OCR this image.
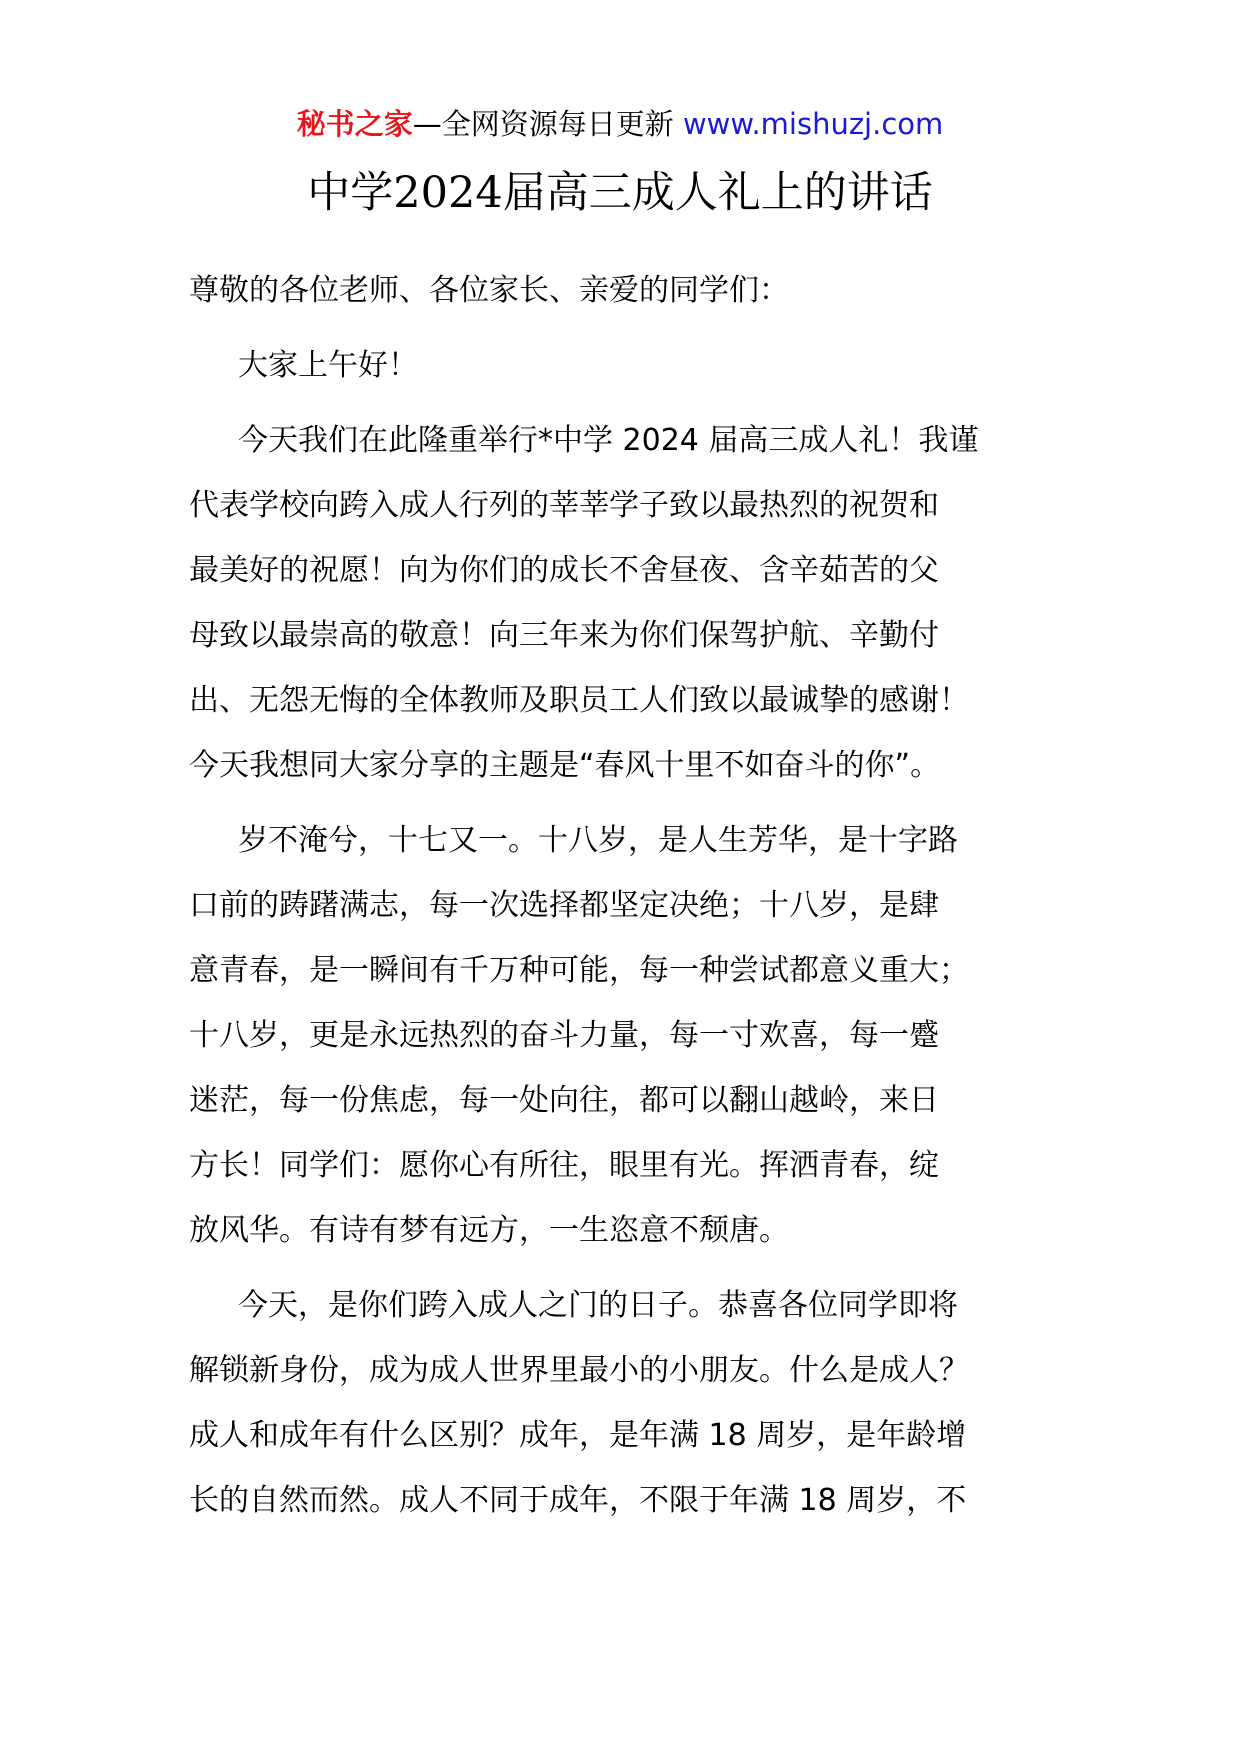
秘书之家—全网资源每日更新 www.mishuzj.com
中学2024届高三成人礼上的讲话
尊敬的各位老师、各位家长、亲爱的同学们：
大家上午好！
今天我们在此隆重举行*中学 2024 届高三成人礼！我谨
代表学校向跨入成人行列的莘莘学子致以最热烈的祝贺和
最美好的祝愿！向为你们的成长不舍昼夜、含辛茹苦的父
母致以最崇高的敬意！向三年来为你们保驾护航、辛勤付
出、无怨无悔的全体教师及职员工人们致以最诚挚的感谢！
今天我想同大家分享的主题是“春风十里不如奋斗的你”。
岁不淹兮，十七又一。十八岁，是人生芳华，是十字路
口前的踌躇满志，每一次选择都坚定决绝；十八岁，是肆
意青春，是一瞬间有千万种可能，每一种尝试都意义重大；
十八岁，更是永远热烈的奋斗力量，每一寸欢喜，每一蹙
迷茫，每一份焦虑，每一处向往，都可以翻山越岭，来日
方长！同学们：愿你心有所往，眼里有光。挥洒青春，绽
放风华。有诗有梦有远方，一生恣意不颓唐。
今天，是你们跨入成人之门的日子。恭喜各位同学即将
解锁新身份，成为成人世界里最小的小朋友。什么是成人？
成人和成年有什么区别？成年，是年满 18 周岁，是年龄增
长的自然而然。成人不同于成年，不限于年满 18 周岁，不
